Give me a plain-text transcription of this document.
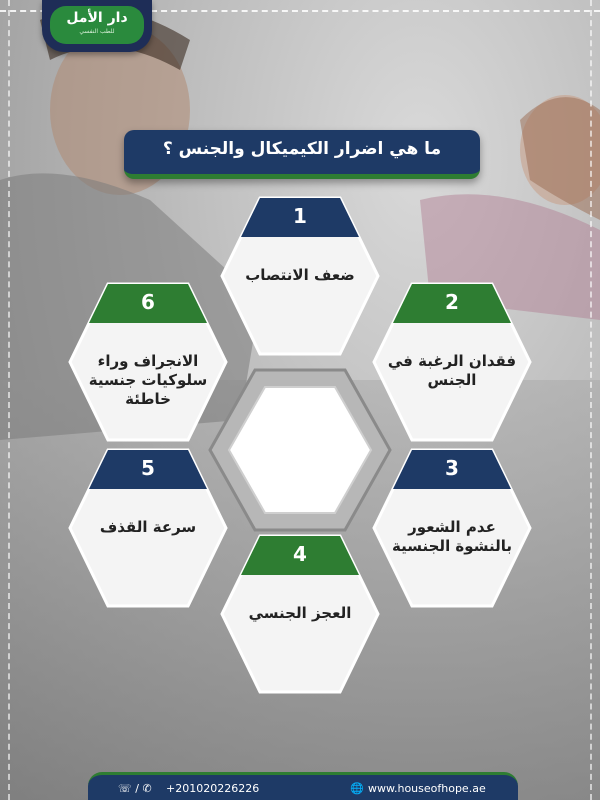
دار الأمل
للطب النفسي
ما هي اضرار الكيميكال والجنس ؟
1
ضعف الانتصاب
2
فقدان الرغبة في الجنس
3
عدم الشعور بالنشوة الجنسية
4
العجز الجنسي
5
سرعة القذف
6
الانجراف وراء سلوكيات جنسية خاطئة
☏ / ✆ +201020226226	🌐 www.houseofhope.ae
